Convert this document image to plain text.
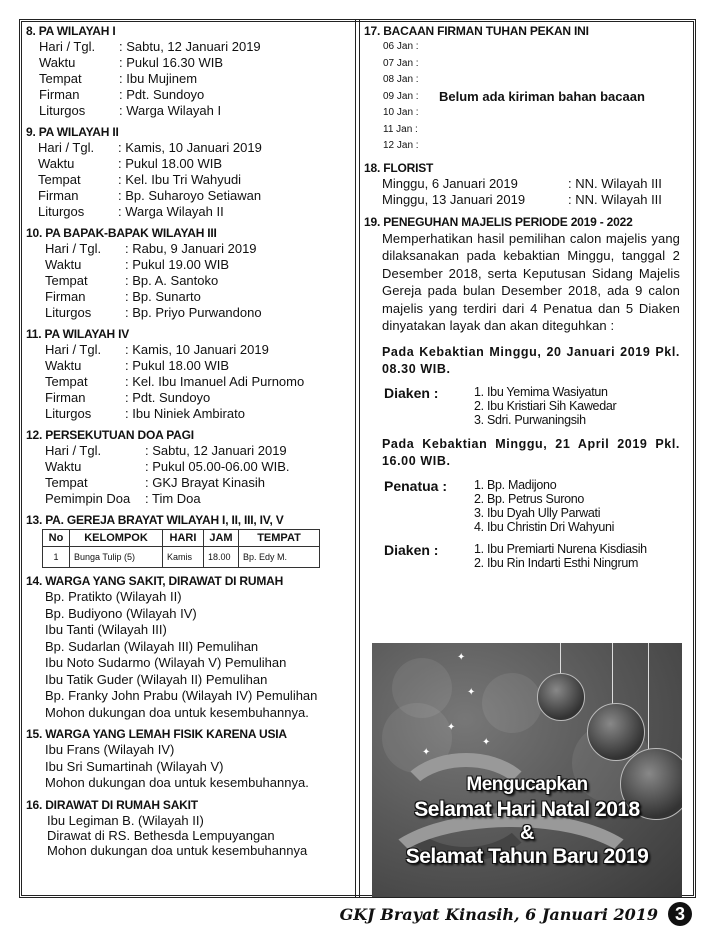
8. PA WILAYAH I

Hari / Tgl.	: Sabtu, 12 Januari 2019
Waktu	: Pukul 16.30 WIB
Tempat	: Ibu Mujinem
Firman	: Pdt. Sundoyo
Liturgos	: Warga Wilayah I

9. PA WILAYAH II

Hari / Tgl.	: Kamis, 10 Januari 2019
Waktu	: Pukul 18.00 WIB
Tempat	: Kel. Ibu Tri Wahyudi
Firman	: Bp. Suharoyo Setiawan
Liturgos	: Warga Wilayah II

10. PA BAPAK-BAPAK WILAYAH III

Hari / Tgl.	: Rabu, 9 Januari 2019
Waktu	: Pukul 19.00 WIB
Tempat	: Bp. A. Santoko
Firman	: Bp. Sunarto
Liturgos	: Bp. Priyo Purwandono

11. PA WILAYAH IV

Hari / Tgl.	: Kamis, 10 Januari 2019
Waktu	: Pukul 18.00 WIB
Tempat	: Kel. Ibu Imanuel Adi Purnomo
Firman	: Pdt. Sundoyo
Liturgos	: Ibu Niniek Ambirato

12. PERSEKUTUAN DOA PAGI

Hari / Tgl.	: Sabtu, 12 Januari 2019
Waktu	: Pukul 05.00-06.00 WIB.
Tempat	: GKJ Brayat Kinasih
Pemimpin Doa	: Tim Doa

13. PA. GEREJA BRAYAT WILAYAH I, II, III, IV, V

No	KELOMPOK	HARI	JAM	TEMPAT
1	Bunga Tulip (5)	Kamis	18.00	Bp. Edy M.

14. WARGA YANG SAKIT, DIRAWAT DI RUMAH

Bp. Pratikto (Wilayah II)
Bp. Budiyono (Wilayah IV)
Ibu Tanti (Wilayah III)
Bp. Sudarlan (Wilayah III) Pemulihan
Ibu Noto Sudarmo (Wilayah V) Pemulihan
Ibu Tatik Guder (Wilayah II) Pemulihan
Bp. Franky John Prabu (Wilayah IV) Pemulihan
Mohon dukungan doa untuk kesembuhannya.

15. WARGA YANG LEMAH FISIK KARENA USIA

Ibu Frans (Wilayah IV)
Ibu Sri Sumartinah (Wilayah V)
Mohon dukungan doa untuk kesembuhannya.

16. DIRAWAT DI RUMAH SAKIT

Ibu Legiman B. (Wilayah II)
Dirawat di RS. Bethesda Lempuyangan
Mohon dukungan doa untuk kesembuhannya

17. BACAAN FIRMAN TUHAN PEKAN INI

06 Jan :
07 Jan :
08 Jan :
09 Jan :
10 Jan :
11 Jan :
12 Jan :
Belum ada kiriman bahan bacaan

18. FLORIST

Minggu, 6 Januari 2019	: NN. Wilayah III
Minggu, 13 Januari 2019	: NN. Wilayah III

19. PENEGUHAN MAJELIS PERIODE 2019 - 2022

Memperhatikan hasil pemilihan calon majelis yang dilaksanakan pada kebaktian Minggu, tanggal 2 Desember 2018, serta Keputusan Sidang Majelis Gereja pada bulan Desember 2018, ada 9 calon majelis yang terdiri dari 4 Penatua dan 5 Diaken dinyatakan layak dan akan diteguhkan :
Pada Kebaktian Minggu, 20 Januari 2019 Pkl. 08.30 WIB.
Diaken :	1. Ibu Yemima Wasiyatun
2. Ibu Kristiari Sih Kawedar
3. Sdri. Purwaningsih
Pada Kebaktian Minggu, 21 April 2019 Pkl. 16.00 WIB.
Penatua :	1. Bp. Madijono
2. Bp. Petrus Surono
3. Ibu Dyah Ully Parwati
4. Ibu Christin Dri Wahyuni
Diaken :	1. Ibu Premiarti Nurena Kisdiasih
2. Ibu Rin Indarti Esthi Ningrum
✦
✦
✦
✦
✦
Mengucapkan
Selamat Hari Natal 2018
&
Selamat Tahun Baru 2019
GKJ Brayat Kinasih, 6 Januari 2019 3
